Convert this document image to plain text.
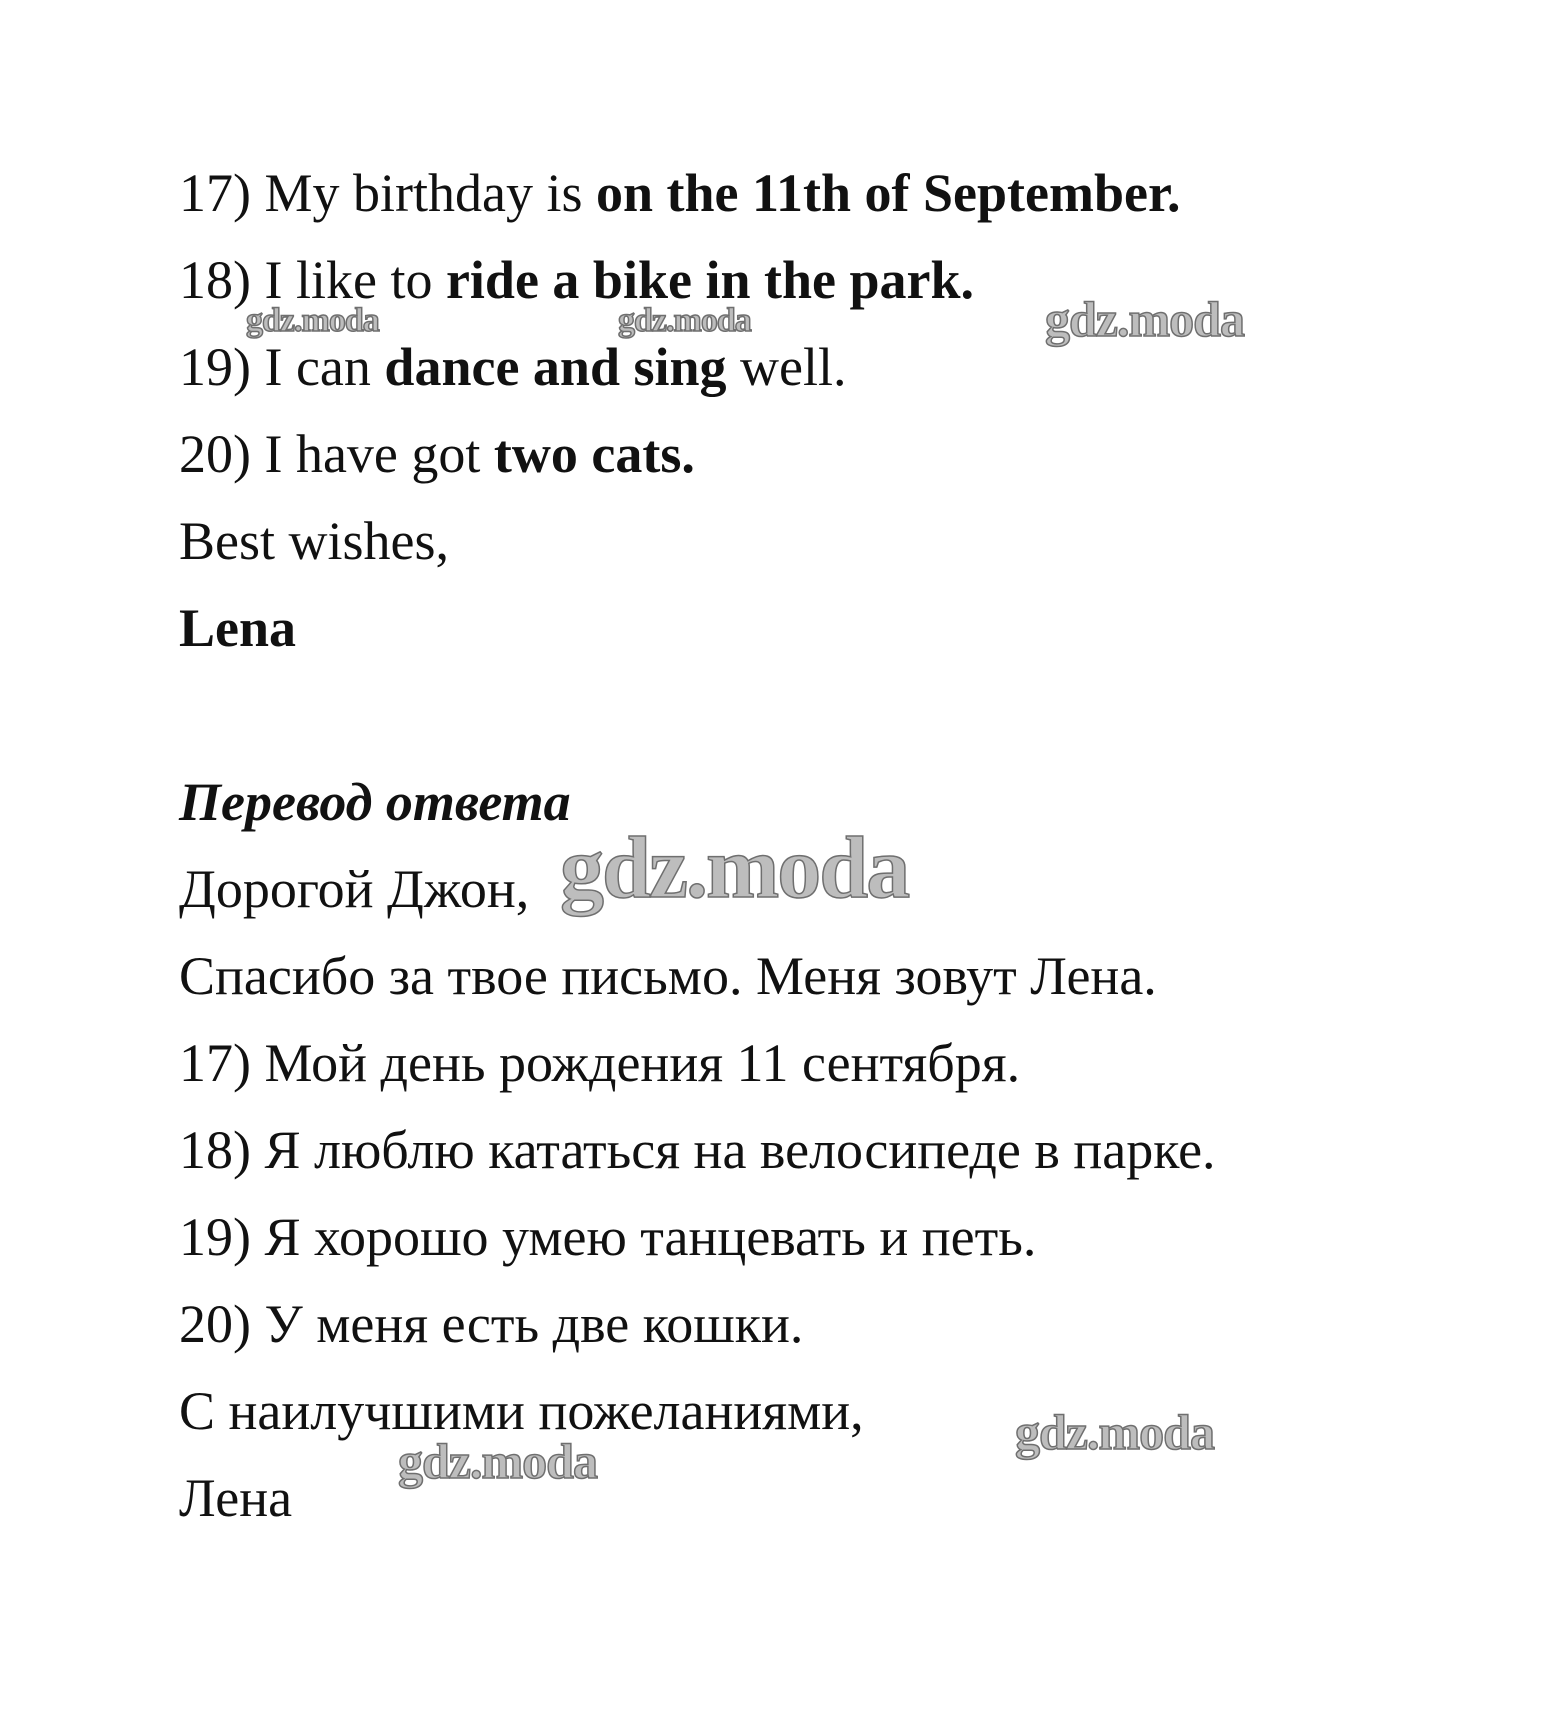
17) My birthday is on the 11th of September.
18) I like to ride a bike in the park.
19) I can dance and sing well.
20) I have got two cats.
Best wishes,
Lena
Перевод ответа
Дорогой Джон,
Спасибо за твое письмо. Меня зовут Лена.
17) Мой день рождения 11 сентября.
18) Я люблю кататься на велосипеде в парке.
19) Я хорошо умею танцевать и петь.
20) У меня есть две кошки.
С наилучшими пожеланиями,
Лена
gdz.moda	gdz.moda	gdz.moda
gdz.moda
gdz.moda
gdz.moda
